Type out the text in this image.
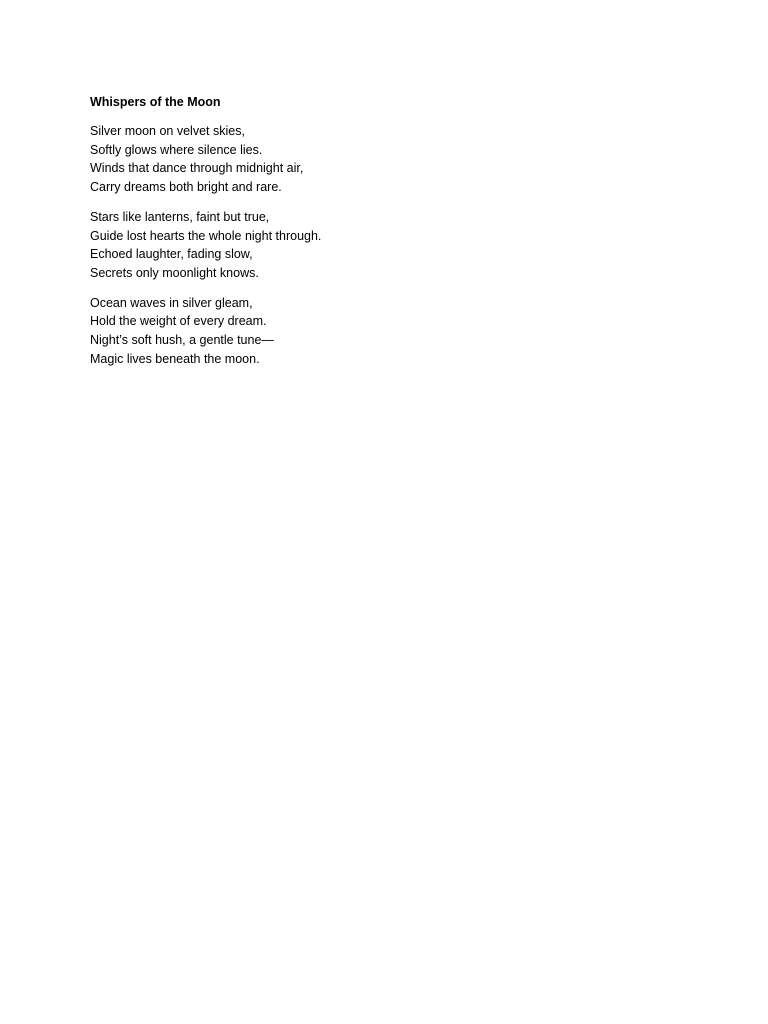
Whispers of the Moon
Silver moon on velvet skies,
Softly glows where silence lies.
Winds that dance through midnight air,
Carry dreams both bright and rare.
Stars like lanterns, faint but true,
Guide lost hearts the whole night through.
Echoed laughter, fading slow,
Secrets only moonlight knows.
Ocean waves in silver gleam,
Hold the weight of every dream.
Night’s soft hush, a gentle tune—
Magic lives beneath the moon.
